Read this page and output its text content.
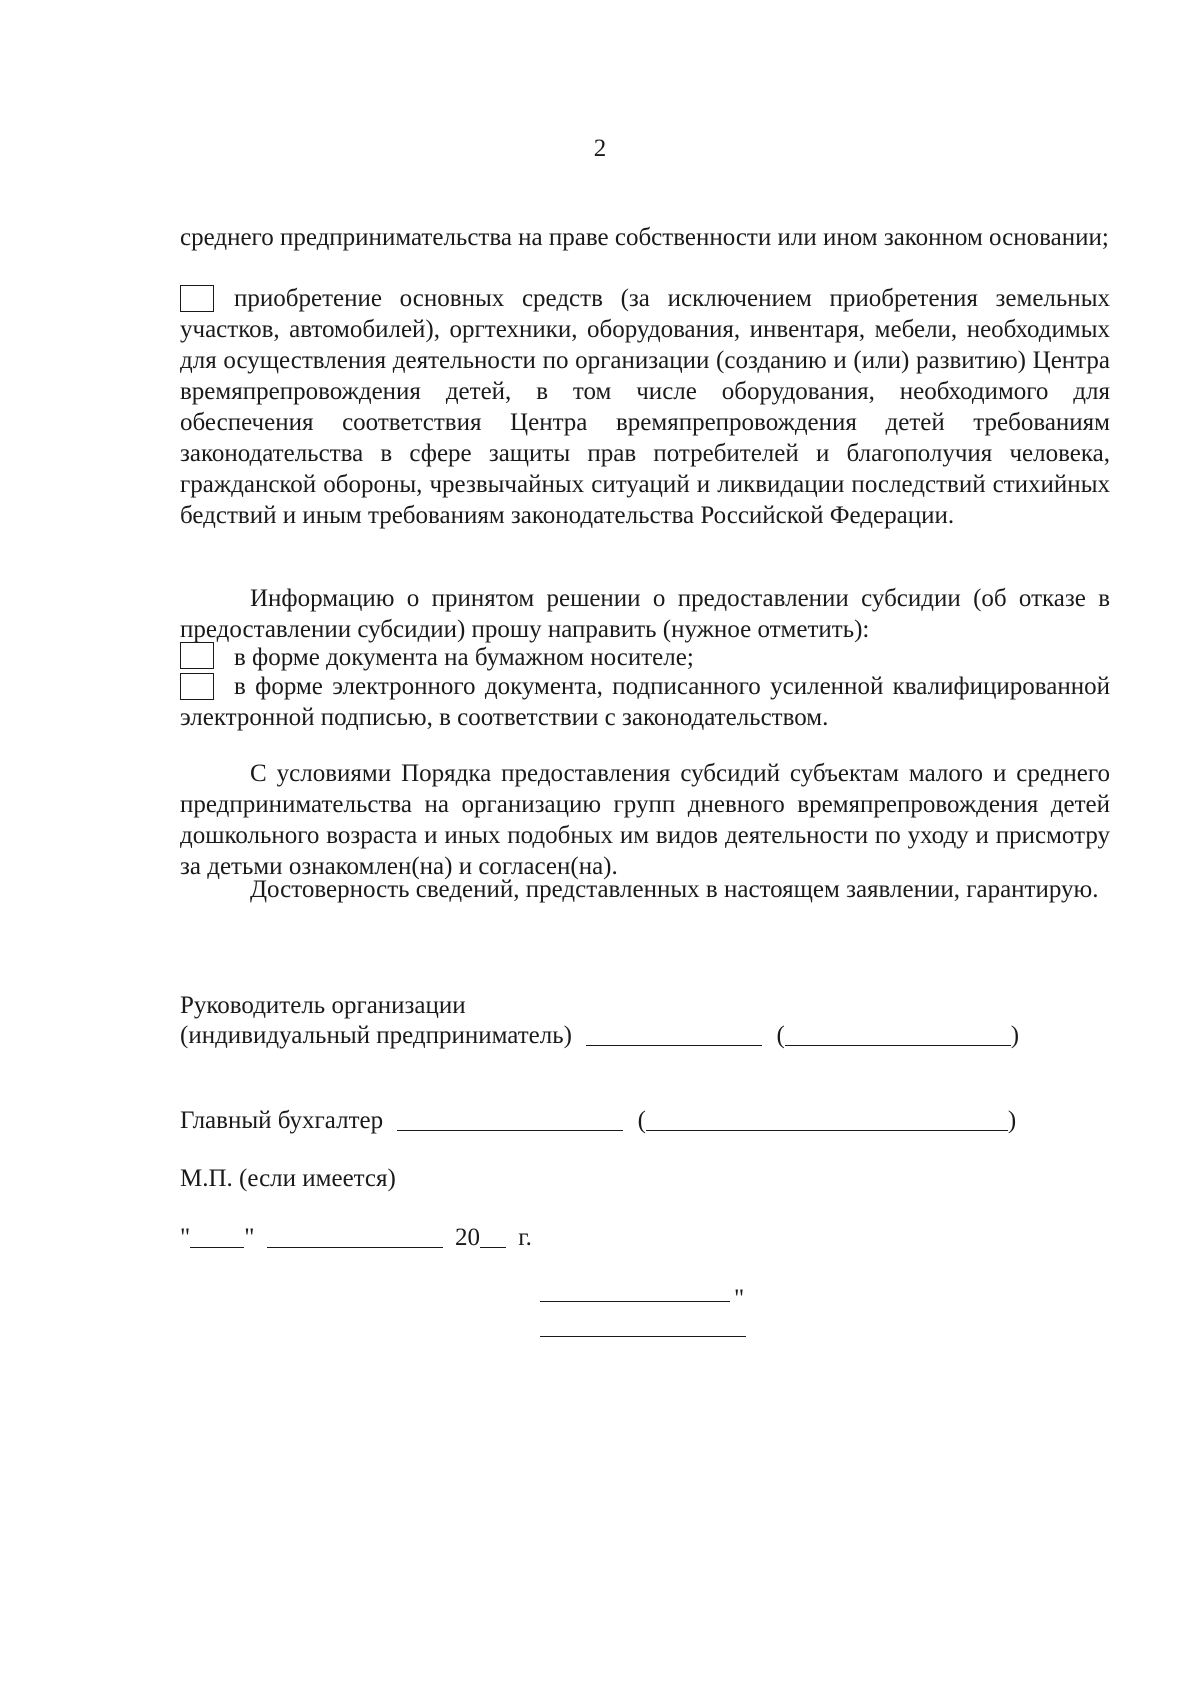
2

среднего предпринимательства на праве собственности или ином законном основании;

приобретение основных средств (за исключением приобретения земельных участков, автомобилей), оргтехники, оборудования, инвентаря, мебели, необходимых для осуществления деятельности по организации (созданию и (или) развитию) Центра времяпрепровождения детей, в том числе оборудования, необходимого для обеспечения соответствия Центра времяпрепровождения детей требованиям законодательства в сфере защиты прав потребителей и благополучия человека, гражданской обороны, чрезвычайных ситуаций и ликвидации последствий стихийных бедствий и иным требованиям законодательства Российской Федерации.

Информацию о принятом решении о предоставлении субсидии (об отказе в предоставлении субсидии) прошу направить (нужное отметить):

в форме документа на бумажном носителе;

в форме электронного документа, подписанного усиленной квалифицированной электронной подписью, в соответствии с законодательством.

С условиями Порядка предоставления субсидий субъектам малого и среднего предпринимательства на организацию групп дневного времяпрепровождения детей дошкольного возраста и иных подобных им видов деятельности по уходу и присмотру за детьми ознакомлен(на) и согласен(на).

Достоверность сведений, представленных в настоящем заявлении, гарантирую.

Руководитель организации
(индивидуальный предприниматель)	(	)
Главный бухгалтер	(	)
М.П. (если имеется)
" "	20 г.
"
